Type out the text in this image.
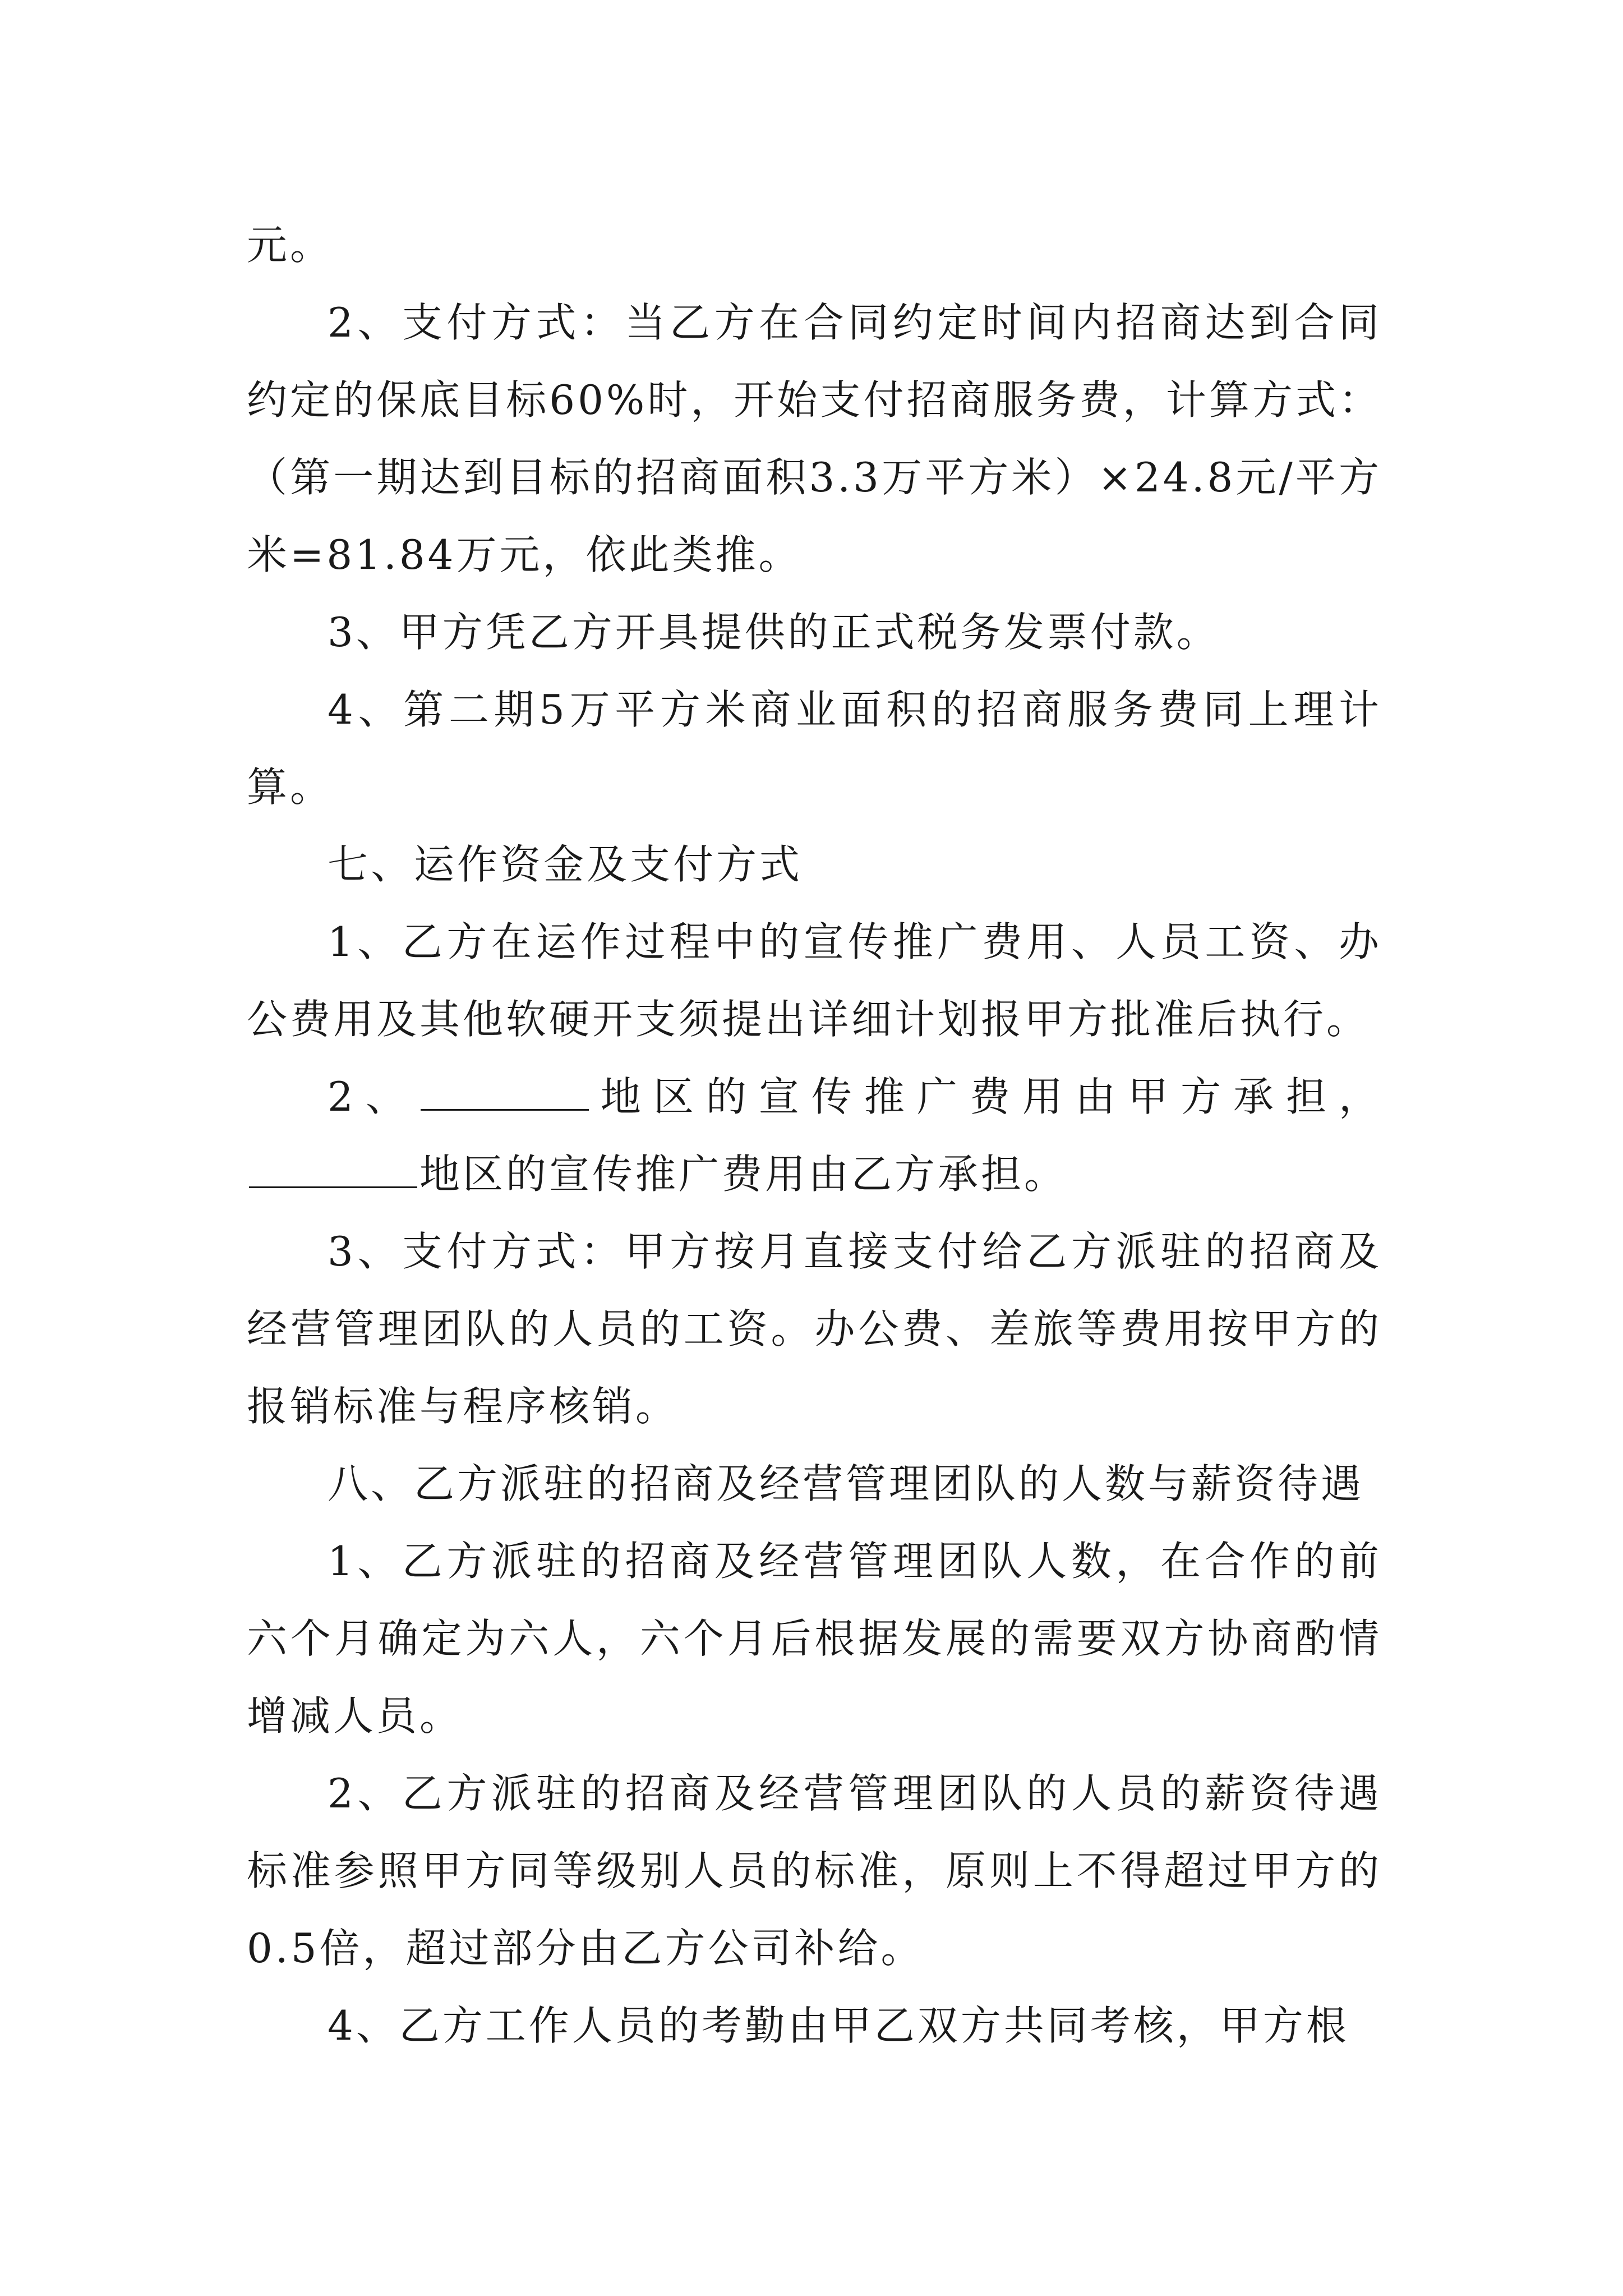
元。

2、支付方式：当乙方在合同约定时间内招商达到合同约定的保底目标60%时，开始支付招商服务费，计算方式：（第一期达到目标的招商面积3.3万平方米）×24.8元/平方米=81.84万元，依此类推。

3、甲方凭乙方开具提供的正式税务发票付款。

4、第二期5万平方米商业面积的招商服务费同上理计算。

七、运作资金及支付方式

1、乙方在运作过程中的宣传推广费用、人员工资、办公费用及其他软硬开支须提出详细计划报甲方批准后执行。

2、	地区的宣传推广费用由甲方承担，地区的宣传推广费用由乙方承担。

3、支付方式：甲方按月直接支付给乙方派驻的招商及经营管理团队的人员的工资。办公费、差旅等费用按甲方的报销标准与程序核销。

八、乙方派驻的招商及经营管理团队的人数与薪资待遇

1、乙方派驻的招商及经营管理团队人数，在合作的前六个月确定为六人，六个月后根据发展的需要双方协商酌情增减人员。

2、乙方派驻的招商及经营管理团队的人员的薪资待遇标准参照甲方同等级别人员的标准，原则上不得超过甲方的0.5倍，超过部分由乙方公司补给。

4、乙方工作人员的考勤由甲乙双方共同考核，甲方根
